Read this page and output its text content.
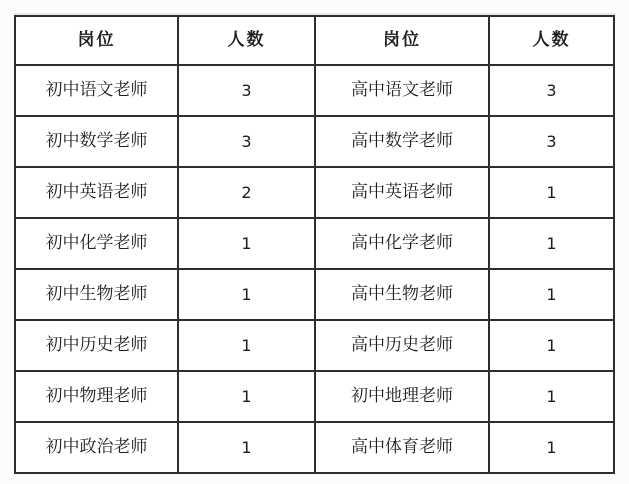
岗位	人数	岗位	人数
初中语文老师	3	高中语文老师	3
初中数学老师	3	高中数学老师	3
初中英语老师	2	高中英语老师	1
初中化学老师	1	高中化学老师	1
初中生物老师	1	高中生物老师	1
初中历史老师	1	高中历史老师	1
初中物理老师	1	初中地理老师	1
初中政治老师	1	高中体育老师	1
